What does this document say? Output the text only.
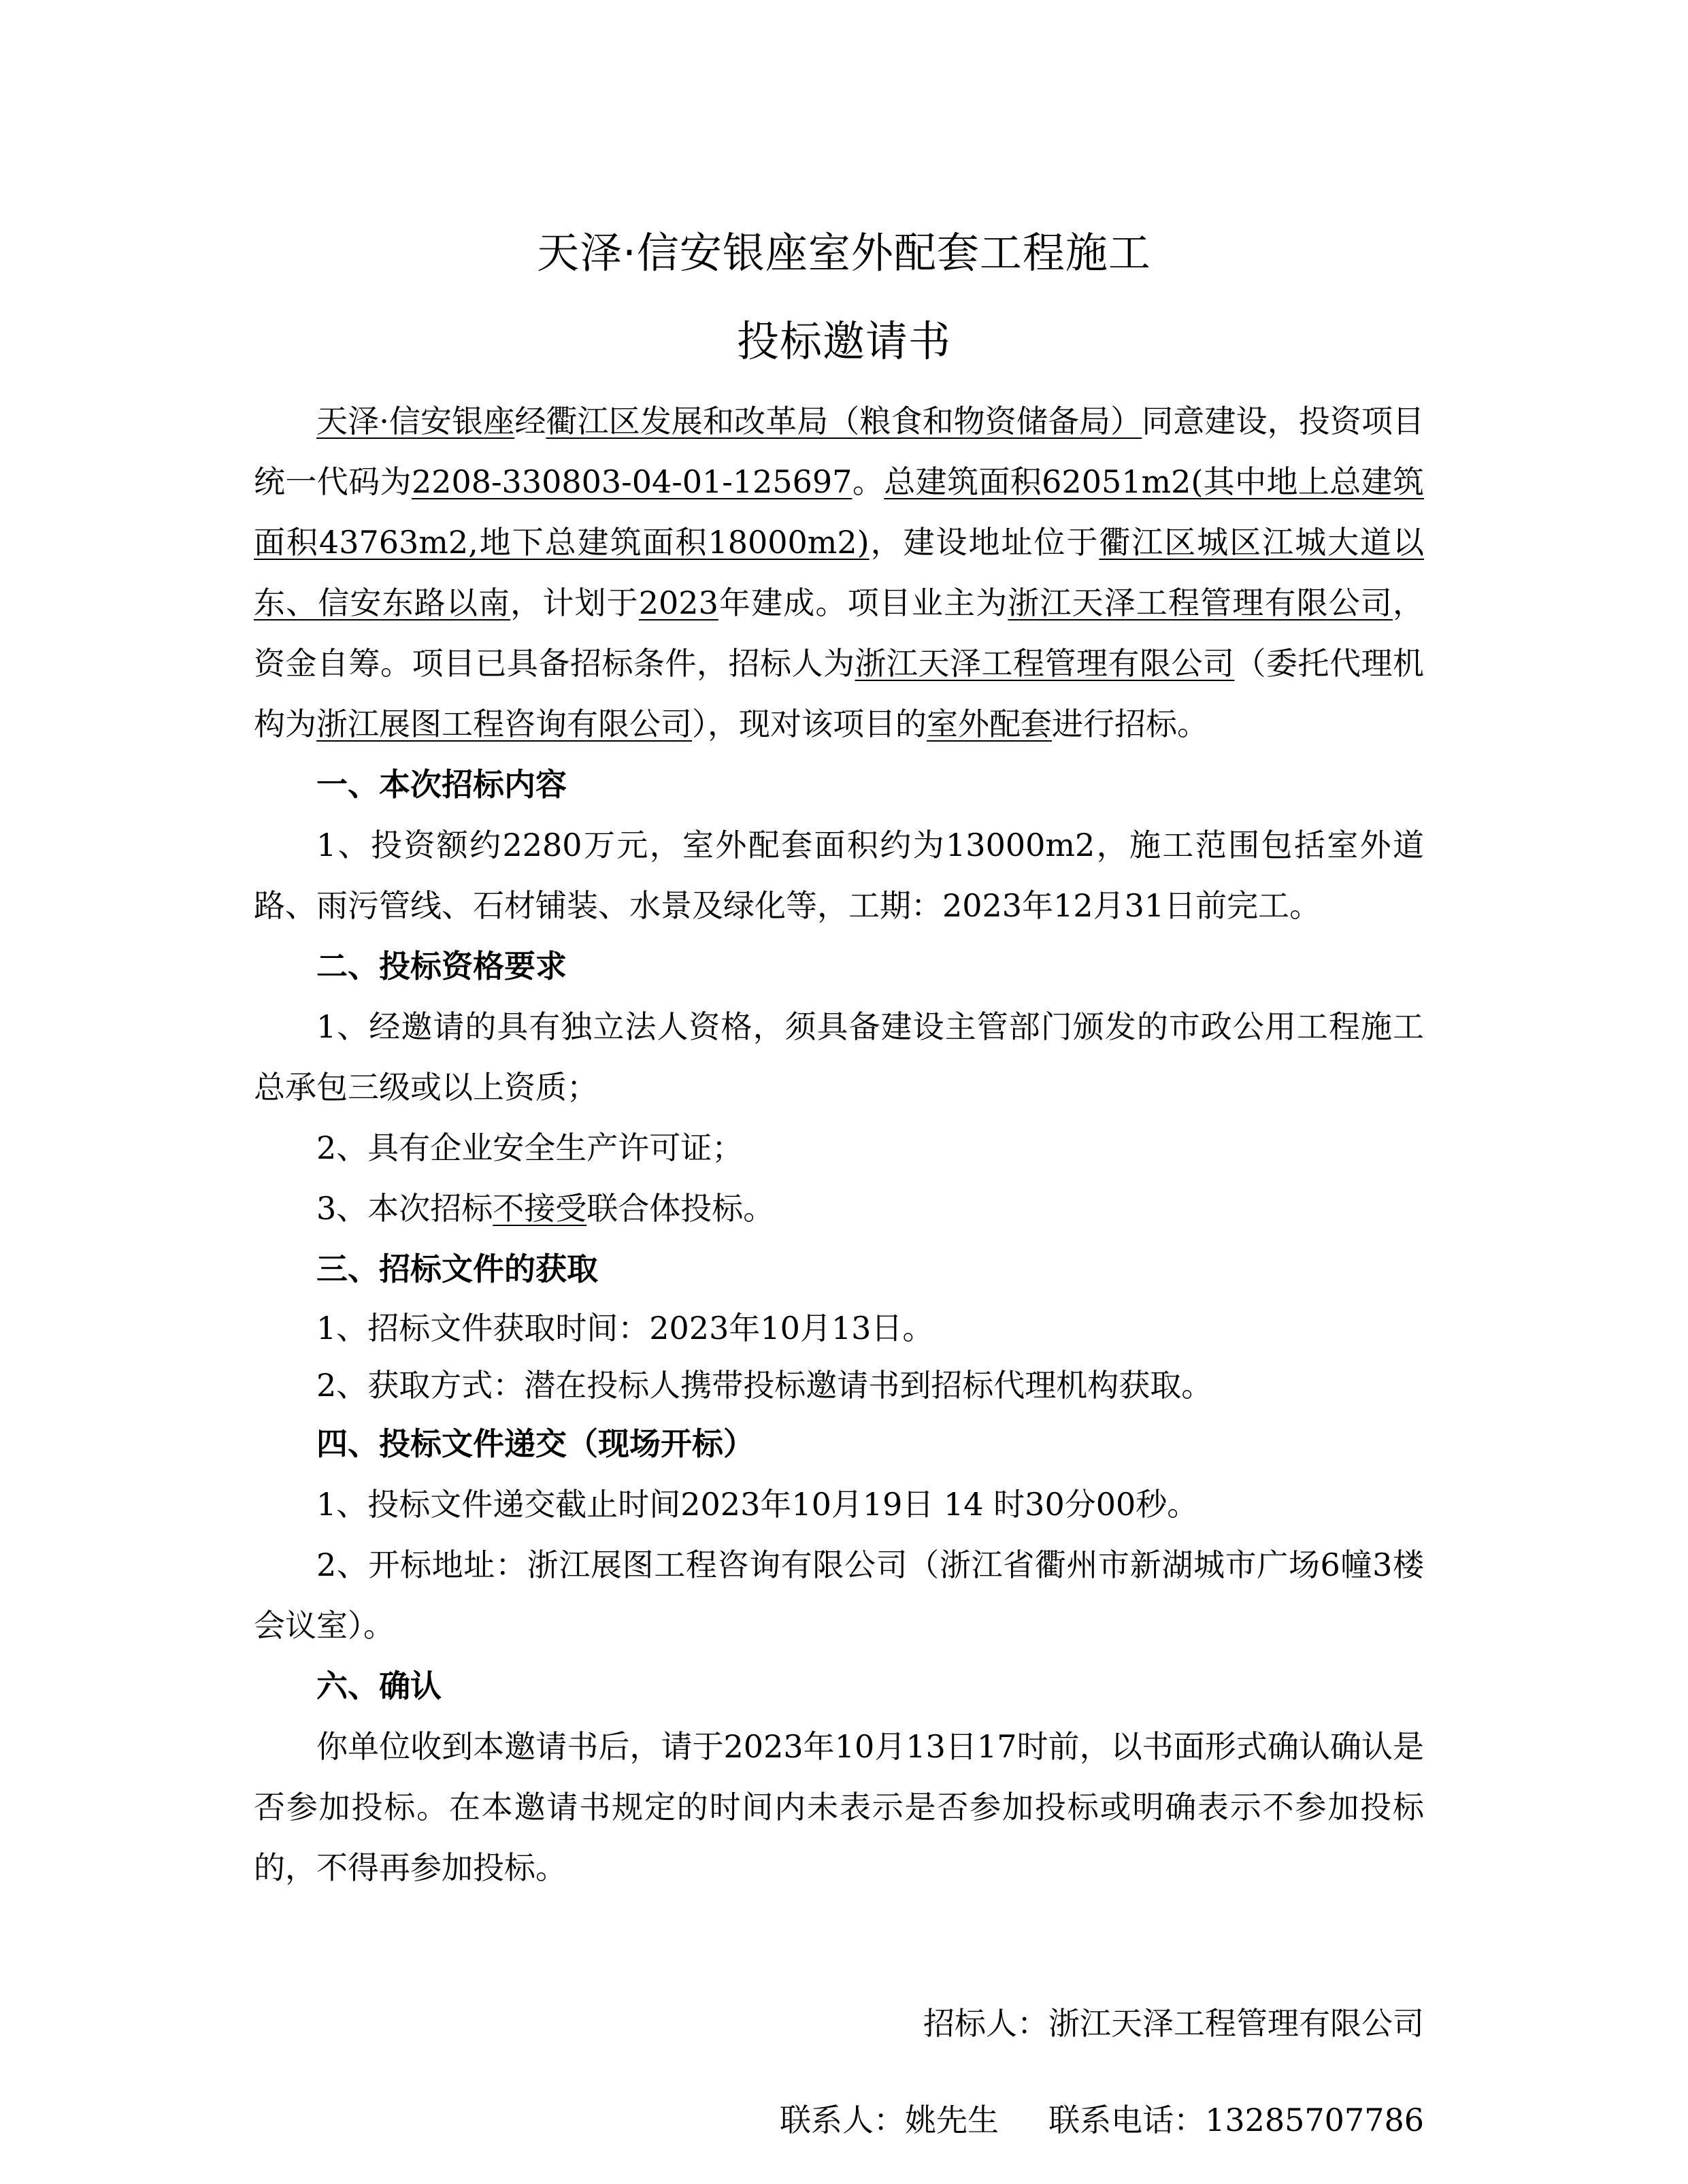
天泽·信安银座室外配套工程施工
投标邀请书

天泽·信安银座经衢江区发展和改革局（粮食和物资储备局）同意建设，投资项目统一代码为2208-330803-04-01-125697。总建筑面积62051m2(其中地上总建筑面积43763m2,地下总建筑面积18000m2)，建设地址位于衢江区城区江城大道以东、信安东路以南，计划于2023年建成。项目业主为浙江天泽工程管理有限公司，资金自筹。项目已具备招标条件，招标人为浙江天泽工程管理有限公司（委托代理机构为浙江展图工程咨询有限公司），现对该项目的室外配套进行招标。

一、本次招标内容

1、投资额约2280万元，室外配套面积约为13000m2，施工范围包括室外道路、雨污管线、石材铺装、水景及绿化等，工期：2023年12月31日前完工。

二、投标资格要求

1、经邀请的具有独立法人资格，须具备建设主管部门颁发的市政公用工程施工总承包三级或以上资质；

2、具有企业安全生产许可证；

3、本次招标不接受联合体投标。

三、招标文件的获取

1、招标文件获取时间：2023年10月13日。

2、获取方式：潜在投标人携带投标邀请书到招标代理机构获取。

四、投标文件递交（现场开标）

1、投标文件递交截止时间2023年10月19日 14 时30分00秒。

2、开标地址：浙江展图工程咨询有限公司（浙江省衢州市新湖城市广场6幢3楼会议室）。

六、确认

你单位收到本邀请书后，请于2023年10月13日17时前，以书面形式确认确认是否参加投标。在本邀请书规定的时间内未表示是否参加投标或明确表示不参加投标的，不得再参加投标。

招标人：浙江天泽工程管理有限公司
联系人：姚先生     联系电话：13285707786
